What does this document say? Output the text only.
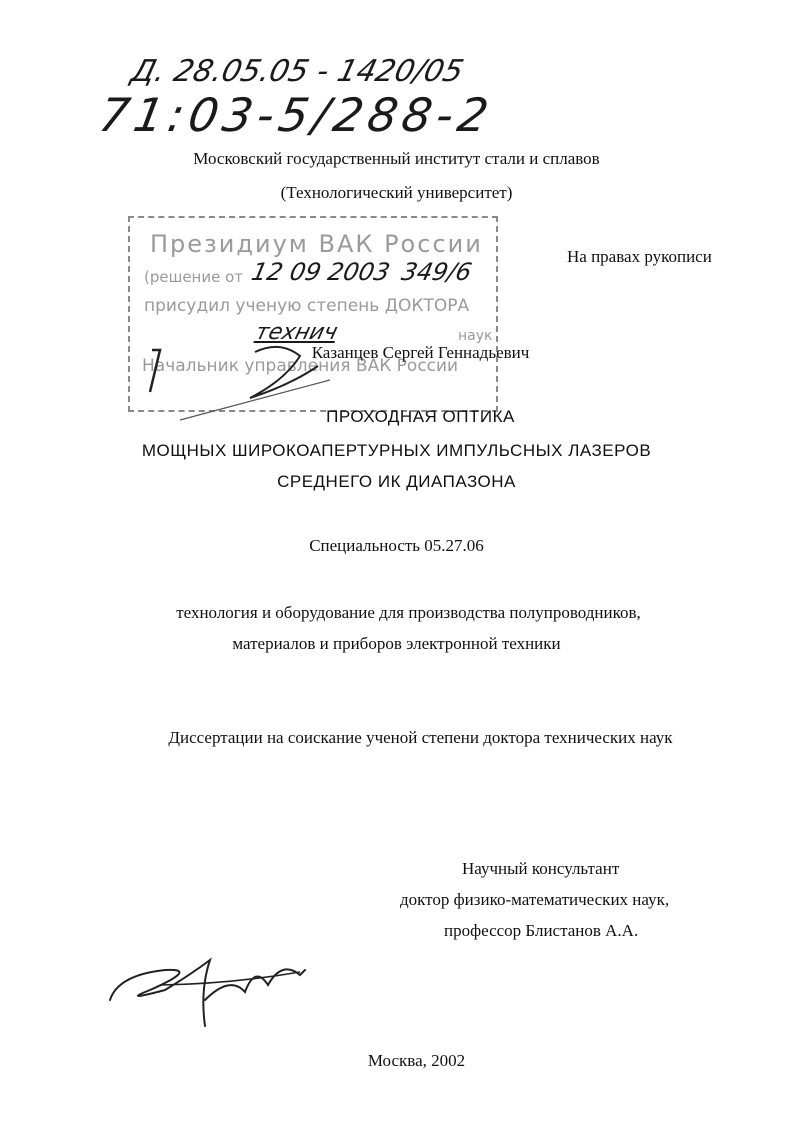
Д. 28.05.05 - 1420/05
71:03-5/288-2
Московский государственный институт стали и сплавов
(Технологический университет)
Президиум ВАК России
(решение от 12 09 2003 349/6
присудил ученую степень ДОКТОРА
технич	наук
Начальник управления ВАК России
На правах рукописи
Казанцев Сергей Геннадьевич
ПРОХОДНАЯ ОПТИКА
МОЩНЫХ ШИРОКОАПЕРТУРНЫХ ИМПУЛЬСНЫХ ЛАЗЕРОВ
СРЕДНЕГО ИК ДИАПАЗОНА
Специальность 05.27.06
технология и оборудование для производства полупроводников,
материалов и приборов электронной техники
Диссертации на соискание ученой степени доктора технических наук
Научный консультант
доктор физико-математических наук,
профессор Блистанов А.А.
Москва, 2002
